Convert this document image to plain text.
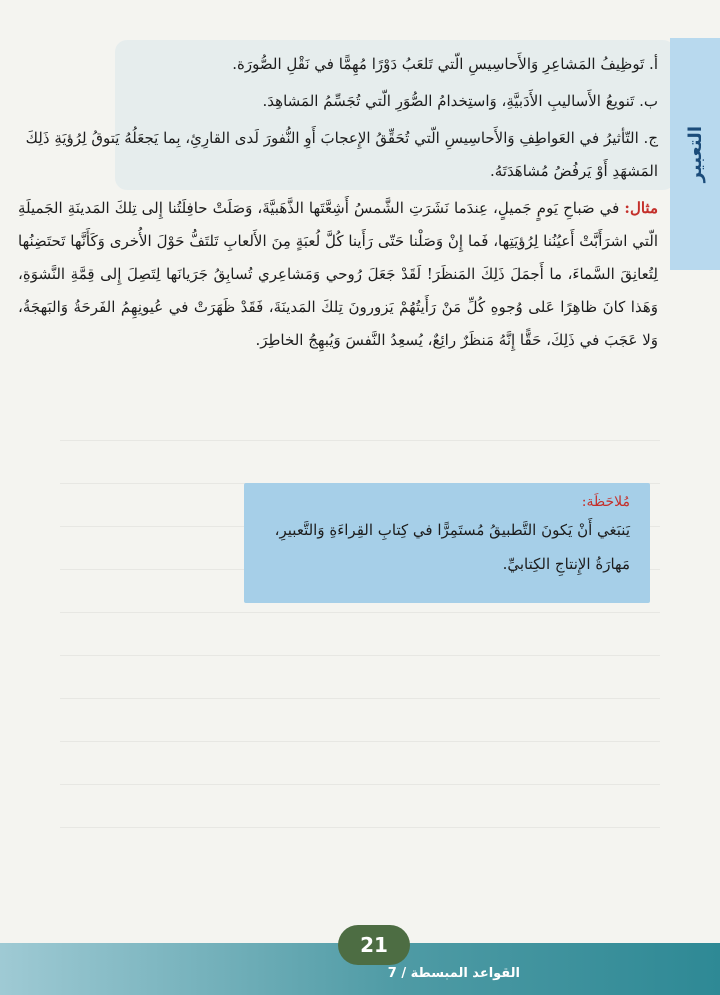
التعبير

أ. تَوظِيفُ المَشاعِرِ وَالأَحاسِيسِ الّتي تَلعَبُ دَوْرًا مُهِمًّا في نَقْلِ الصُّورَة.

ب. تَنويعُ الأَساليبِ الأَدَبيَّةِ، وَاستِخدامُ الصُّوَرِ الّتي تُجَسِّمُ المَشاهِدَ.

ج. التّأثيرُ في العَواطِفِ وَالأَحاسِيسِ الّتي تُحَقِّقُ الإِعجابَ أَوِ النُّفورَ لَدى القارِئِ، بِما يَجعَلُهُ يَتوقُ لِرُؤيَةِ ذَلِكَ المَشهَدِ أَوْ يَرفُضُ مُشاهَدَتَهُ.

مثال: في صَباحِ يَومٍ جَميلٍ، عِندَما نَشَرَتِ الشَّمسُ أَشِعَّتَها الذَّهَبيَّةَ، وَصَلَتْ حافِلَتُنا إِلى تِلكَ المَدينَةِ الجَميلَةِ الّتي اشرَأَبَّتْ أَعيُنُنا لِرُؤيَتِها، فَما إِنْ وَصَلْنا حَتّى رَأَينا كُلَّ لُعبَةٍ مِنَ الأَلعابِ تَلتَفُّ حَوْلَ الأُخرى وَكَأَنَّها تَحتَضِنُها لِتُعانِقَ السَّماءَ، ما أَجمَلَ ذَلِكَ المَنظَرَ! لَقَدْ جَعَلَ رُوحي وَمَشاعِري تُسابِقُ جَرَيانَها لِتَصِلَ إِلى قِمَّةِ النَّشوَةِ، وَهَذا كانَ ظاهِرًا عَلى وُجوهِ كُلِّ مَنْ رَأَيتُهُمْ يَزورونَ تِلكَ المَدينَةَ، فَقَدْ ظَهَرَتْ في عُيونِهِمُ الفَرحَةُ وَالبَهجَةُ، وَلا عَجَبَ في ذَلِكَ، حَقًّا إِنَّهُ مَنظَرٌ رائِعٌ، يُسعِدُ النَّفسَ وَيُبهِجُ الخاطِرَ.

مُلاحَظَة:
يَنبَغي أَنْ يَكونَ التَّطبيقُ مُستَمِرًّا في كِتابِ القِراءَةِ وَالتَّعبيرِ،
مَهارَةُ الإِنتاجِ الكِتابيِّ.
القواعد المبسطة / 7
21
